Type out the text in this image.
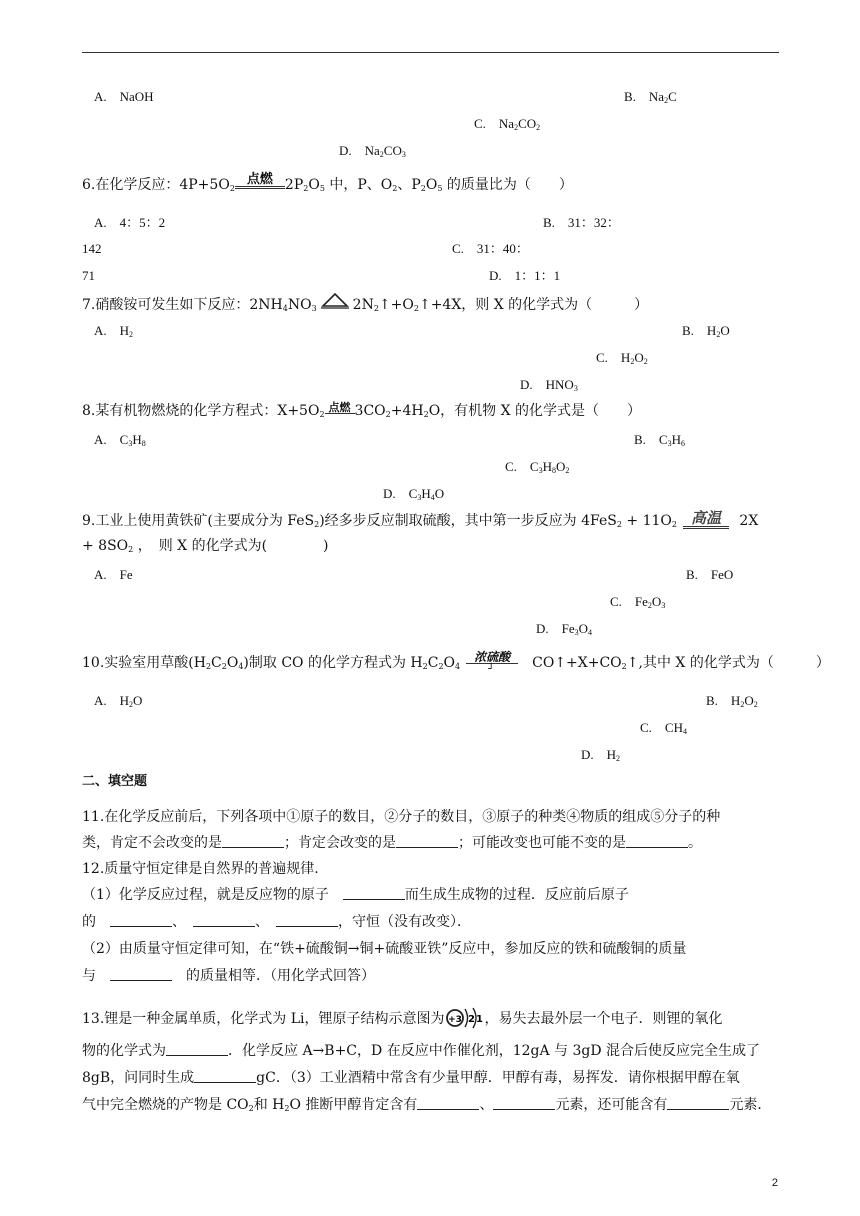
A.　NaOH	B.　$Na_2C$
C.　$Na_2CO_2$
D.　$Na_2CO_3$
6.在化学反应：$4P+5O_2$
点燃 $2P_2O_5$ 中，P、$O_2$、$P_2O_5$ 的质量比为（　　）
A.　4：5：2	B.　31：32：
142	C.　31：40：
71	D.　1：1：1
7.硝酸铵可发生如下反应：$2NH_4NO_3$	$2N_2↑+O_2↑+4X$，则 X 的化学式为（　　　）
A.　$H_2$	B.　$H_2O$
C.　$H_2O_2$
D.　$HNO_3$
8.某有机物燃烧的化学方程式：$X+5O_2$
点燃 $3CO_2+4H_2O$，有机物 X 的化学式是（　　）
A.　$C_3H_8$	B.　$C_3H_6$
C.　$C_3H_8O_2$
D.　$C_3H_4O$
9.工业上使用黄铁矿(主要成分为 FeS$_2$)经多步反应制取硫酸，其中第一步反应为 $4FeS_2 + 11O_2$ 高温	2X
+ $8SO_2$ ，　则 X 的化学式为(　　　　)
A.　Fe	B.　FeO
C.　$Fe_2O_3$
D.　$Fe_3O_4$
10.实验室用草酸$(H_2C_2O_4)$制取 CO 的化学方程式为 $H_2C_2O_4$
浓硫酸
┘	$CO↑+X+CO_2↑$,其中 X 的化学式为（　　　）
A.　$H_2O$	B.　$H_2O_2$
C.　$CH_4$
D.　$H_2$
二、填空题
11.在化学反应前后，下列各项中①原子的数目，②分子的数目，③原子的种类④物质的组成⑤分子的种
类，肯定不会改变的是	；肯定会改变的是	；可能改变也可能不变的是	。
12.质量守恒定律是自然界的普遍规律.
（1）化学反应过程，就是反应物的原子　	而生成生成物的过程．反应前后原子
的　	、　	、　	，守恒（没有改变）．
（2）由质量守恒定律可知，在“铁+硫酸铜→铜+硫酸亚铁”反应中，参加反应的铁和硫酸铜的质量
与　	　的质量相等．（用化学式回答）
13.锂是一种金属单质，化学式为 Li，锂原子结构示意图为 +3 2 1 ，易失去最外层一个电子．则锂的氧化
物的化学式为	．化学反应 A→B+C，D 在反应中作催化剂，12gA 与 3gD 混合后使反应完全生成了
8gB，问同时生成	gC．（3）工业酒精中常含有少量甲醇．甲醇有毒，易挥发．请你根据甲醇在氧
气中完全燃烧的产物是 $CO_2$和 $H_2O$ 推断甲醇肯定含有	、	元素，还可能含有	元素．
2
